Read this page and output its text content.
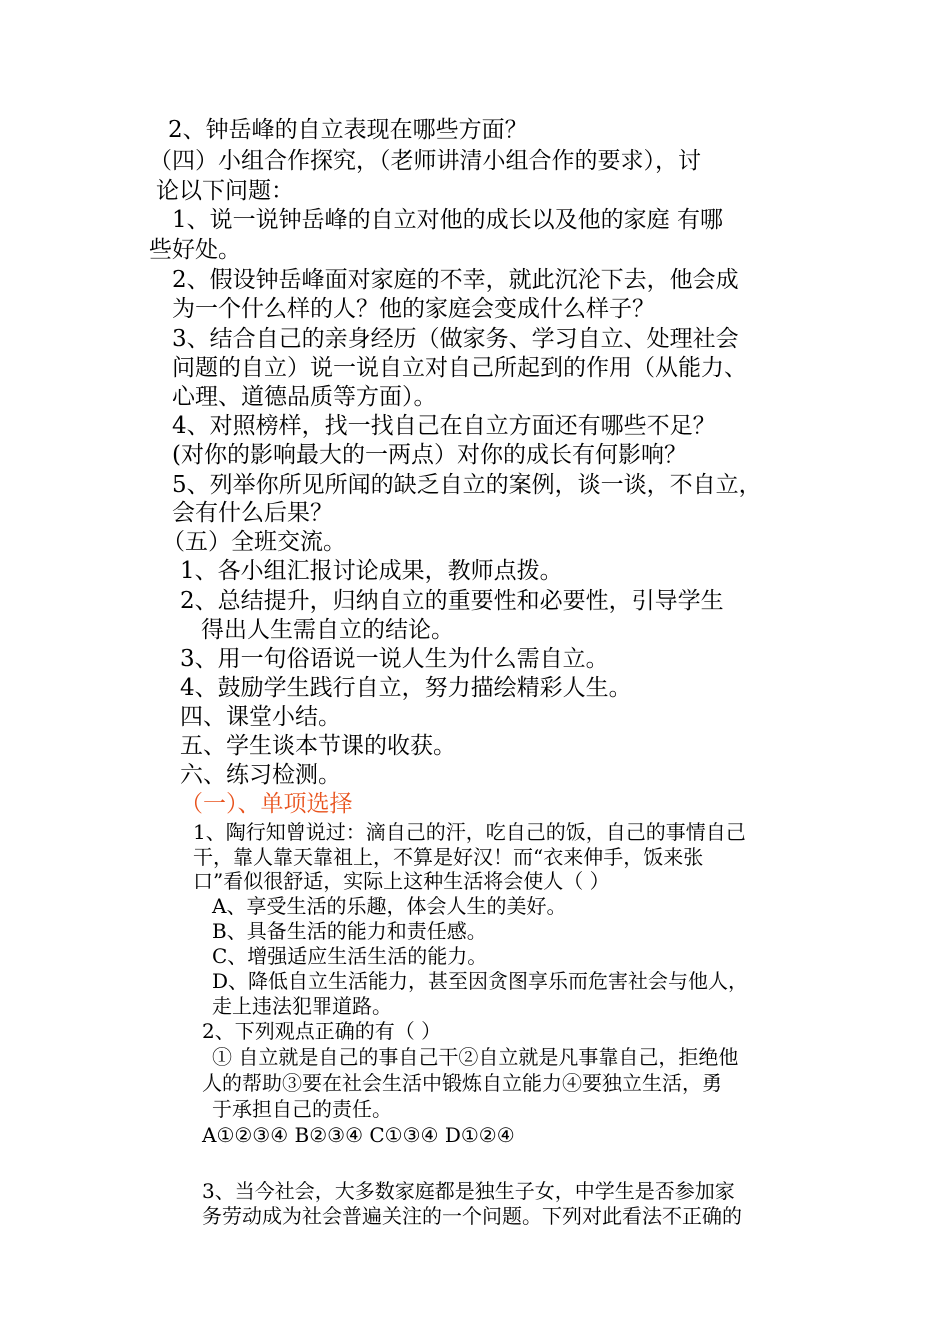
2、钟岳峰的自立表现在哪些方面？
（四）小组合作探究，（老师讲清小组合作的要求），讨
论以下问题：
1、说一说钟岳峰的自立对他的成长以及他的家庭 有哪
些好处。
2、假设钟岳峰面对家庭的不幸，就此沉沦下去，他会成
为一个什么样的人？他的家庭会变成什么样子？
3、结合自己的亲身经历（做家务、学习自立、处理社会
问题的自立）说一说自立对自己所起到的作用（从能力、
心理、道德品质等方面）。
4、对照榜样，找一找自己在自立方面还有哪些不足？
(对你的影响最大的一两点）对你的成长有何影响？
5、列举你所见所闻的缺乏自立的案例，谈一谈，不自立，
会有什么后果？
（五）全班交流。
1、各小组汇报讨论成果，教师点拨。
2、总结提升，归纳自立的重要性和必要性，引导学生
得出人生需自立的结论。
3、用一句俗语说一说人生为什么需自立。
4、鼓励学生践行自立，努力描绘精彩人生。
四、课堂小结。
五、学生谈本节课的收获。
六、练习检测。
（一）、单项选择
1、陶行知曾说过：滴自己的汗，吃自己的饭，自己的事情自己
干，靠人靠天靠祖上，不算是好汉！而“衣来伸手，饭来张
口”看似很舒适，实际上这种生活将会使人（ ）
A、享受生活的乐趣，体会人生的美好。
B、具备生活的能力和责任感。
C、增强适应生活生活的能力。
D、降低自立生活能力，甚至因贪图享乐而危害社会与他人，
走上违法犯罪道路。
2、下列观点正确的有（ ）
① 自立就是自己的事自己干②自立就是凡事靠自己，拒绝他
人的帮助③要在社会生活中锻炼自立能力④要独立生活，勇
于承担自己的责任。
A①②③④ B②③④ C①③④ D①②④
3、当今社会，大多数家庭都是独生子女，中学生是否参加家
务劳动成为社会普遍关注的一个问题。下列对此看法不正确的
